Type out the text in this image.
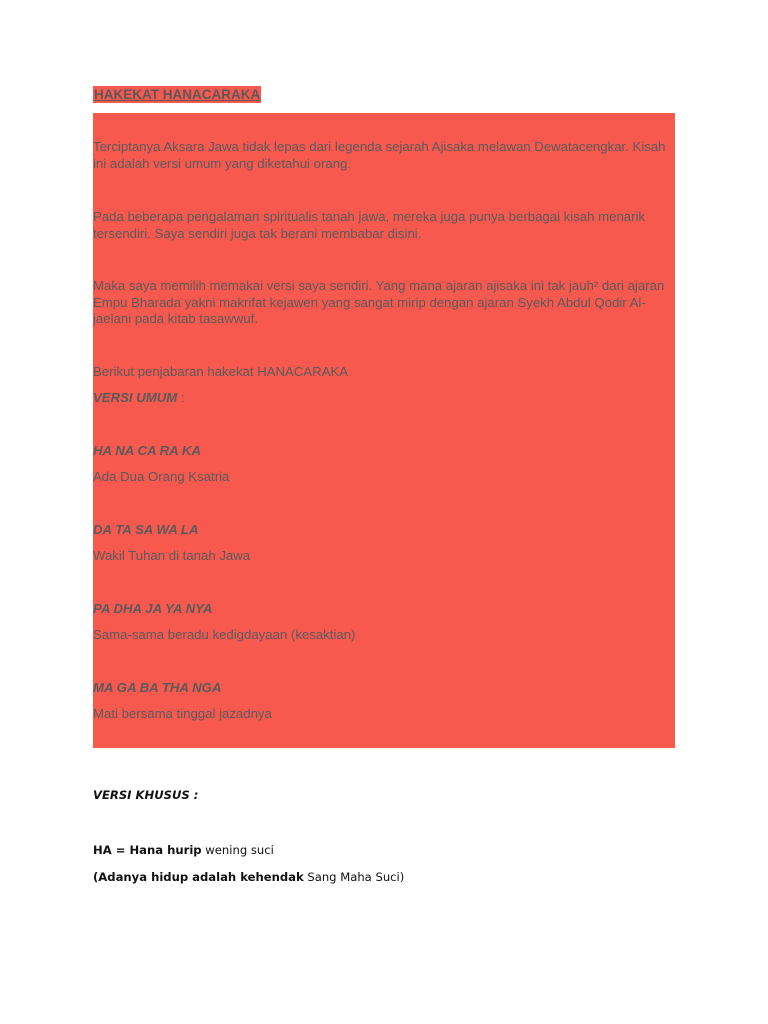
HAKEKAT HANACARAKA

Terciptanya Aksara Jawa tidak lepas dari legenda sejarah Ajisaka melawan Dewatacengkar. Kisah ini adalah versi umum yang diketahui orang.

Pada beberapa pengalaman spiritualis tanah jawa, mereka juga punya berbagai kisah menarik tersendiri. Saya sendiri juga tak berani membabar disini.

Maka saya memilih memakai versi saya sendiri. Yang mana ajaran ajisaka ini tak jauh² dari ajaran Empu Bharada yakni makrifat kejawen yang sangat mirip dengan ajaran Syekh Abdul Qodir Al-jaelani pada kitab tasawwuf.

Berikut penjabaran hakekat HANACARAKA

VERSI UMUM :

HA NA CA RA KA

Ada Dua Orang Ksatria

DA TA SA WA LA

Wakil Tuhan di tanah Jawa

PA DHA JA YA NYA

Sama-sama beradu kedigdayaan (kesaktian)

MA GA BA THA NGA

Mati bersama tinggal jazadnya

VERSI KHUSUS :

HA = Hana hurip wening suci

(Adanya hidup adalah kehendak Sang Maha Suci)
